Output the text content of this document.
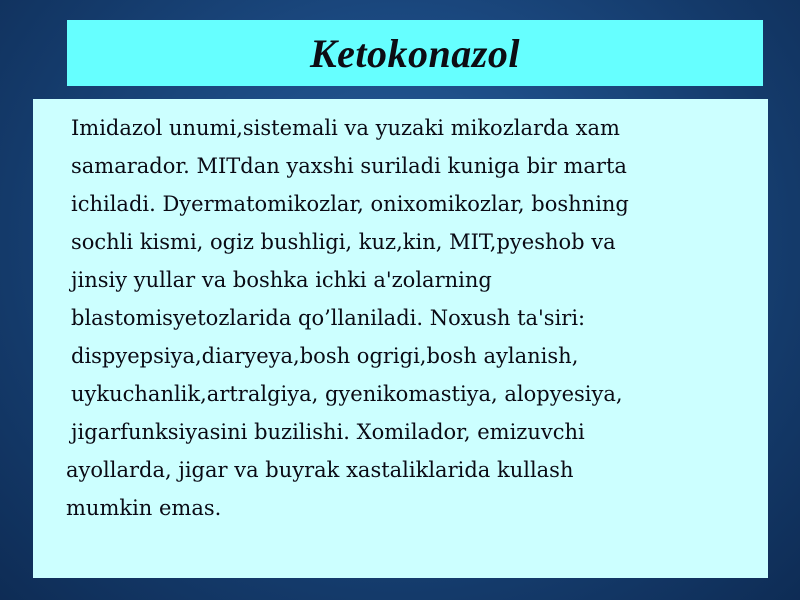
Ketokonazol

Imidazol unumi,sistemali va yuzaki mikozlarda xam
samarador. MITdan yaxshi suriladi kuniga bir marta
ichiladi. Dyermatomikozlar, onixomikozlar, boshning
sochli kismi, ogiz bushligi, kuz,kin, MIT,pyeshob va
jinsiy yullar va boshka ichki a'zolarning
blastomisyetozlarida qo’llaniladi. Noxush ta'siri:
dispyepsiya,diaryeya,bosh ogrigi,bosh aylanish,
uykuchanlik,artralgiya, gyenikomastiya, alopyesiya,
jigarfunksiyasini buzilishi. Xomilador, emizuvchi

ayollarda, jigar va buyrak xastaliklarida kullash
mumkin emas.
